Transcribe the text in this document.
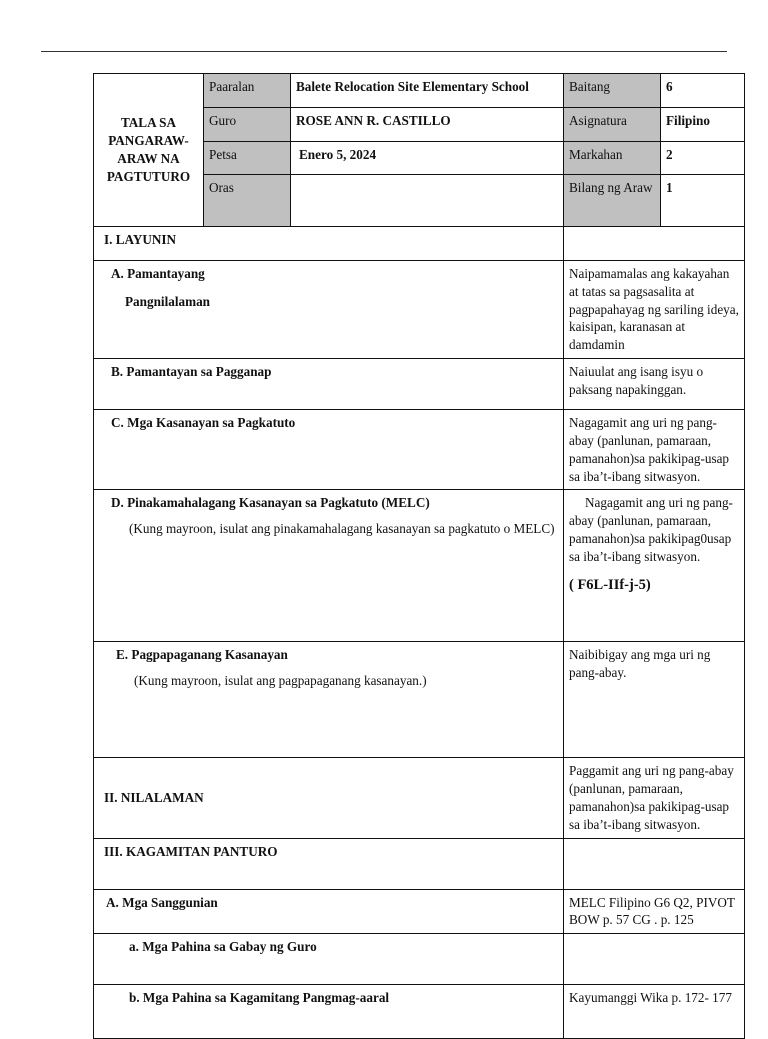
TALA SA PANGARAW-ARAW NA PAGTUTURO	Paaralan	Balete Relocation Site Elementary School	Baitang	6
	Guro	ROSE ANN R. CASTILLO	Asignatura	Filipino
	Petsa	Enero 5, 2024	Markahan	2
	Oras		Bilang ng Araw	1
I. LAYUNIN				
A. Pamantayang
Pangnilalaman			Naipamamalas ang kakayahan at tatas sa pagsasalita at pagpapahayag ng sariling ideya, kaisipan, karanasan at damdamin	
B. Pamantayan sa Pagganap			Naiuulat ang isang isyu o paksang napakinggan.	
C. Mga Kasanayan sa Pagkatuto			Nagagamit ang uri ng pang-abay (panlunan, pamaraan, pamanahon)sa pakikipag-usap sa iba’t-ibang sitwasyon.	
D. Pinakamahalagang Kasanayan sa Pagkatuto (MELC)
(Kung mayroon, isulat ang pinakamahalagang kasanayan sa pagkatuto o MELC)			Nagagamit ang uri ng pang-abay (panlunan, pamaraan, pamanahon)sa pakikipag0usap sa iba’t-ibang sitwasyon.
( F6L-IIf-j-5)	

E. Pagpapaganang Kasanayan
(Kung mayroon, isulat ang pagpapaganang kasanayan.)			Naibibigay ang mga uri ng pang-abay.	
II. NILALAMAN			Paggamit ang uri ng pang-abay (panlunan, pamaraan, pamanahon)sa pakikipag-usap sa iba’t-ibang sitwasyon.	
III. KAGAMITAN PANTURO				
A. Mga Sanggunian			MELC Filipino G6 Q2, PIVOT BOW p. 57 CG . p. 125	
a. Mga Pahina sa Gabay ng Guro				
b. Mga Pahina sa Kagamitang Pangmag-aaral			Kayumanggi Wika p. 172- 177	
